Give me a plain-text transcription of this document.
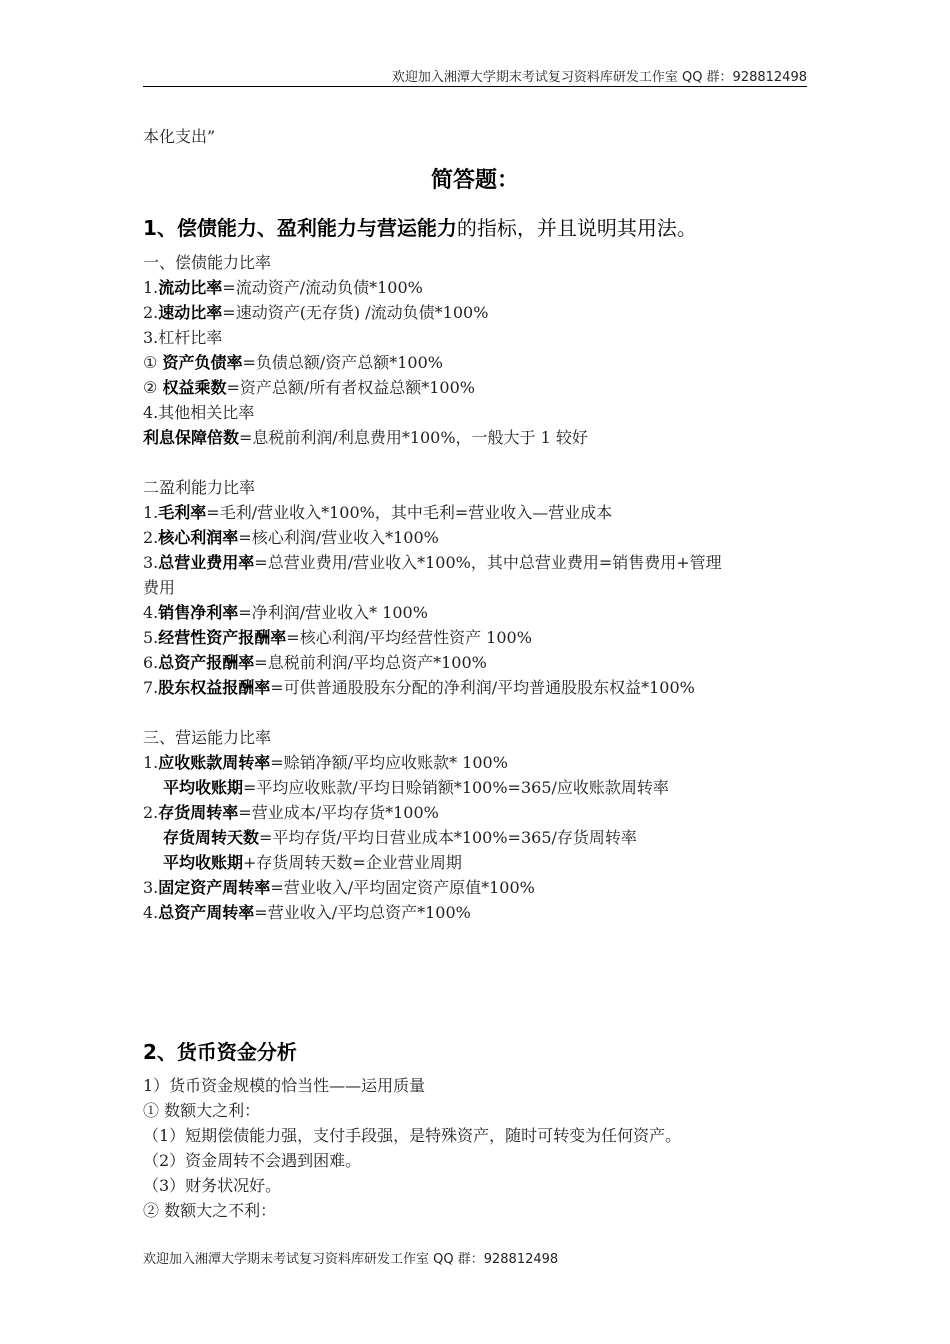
欢迎加入湘潭大学期末考试复习资料库研发工作室 QQ 群：928812498
本化支出”
简答题：
1、偿债能力、盈利能力与营运能力的指标，并且说明其用法。
一、偿债能力比率
1.流动比率=流动资产/流动负债*100%
2.速动比率=速动资产(无存货) /流动负债*100%
3.杠杆比率
① 资产负债率=负债总额/资产总额*100%
② 权益乘数=资产总额/所有者权益总额*100%
4.其他相关比率
利息保障倍数=息税前利润/利息费用*100%，一般大于 1 较好
二盈利能力比率
1.毛利率=毛利/营业收入*100%，其中毛利=营业收入—营业成本
2.核心利润率=核心利润/营业收入*100%
3.总营业费用率=总营业费用/营业收入*100%，其中总营业费用=销售费用+管理
费用
4.销售净利率=净利润/营业收入* 100%
5.经营性资产报酬率=核心利润/平均经营性资产 100%
6.总资产报酬率=息税前利润/平均总资产*100%
7.股东权益报酬率=可供普通股股东分配的净利润/平均普通股股东权益*100%
三、营运能力比率
1.应收账款周转率=赊销净额/平均应收账款* 100%
平均收账期=平均应收账款/平均日赊销额*100%=365/应收账款周转率
2.存货周转率=营业成本/平均存货*100%
存货周转天数=平均存货/平均日营业成本*100%=365/存货周转率
平均收账期+存货周转天数=企业营业周期
3.固定资产周转率=营业收入/平均固定资产原值*100%
4.总资产周转率=营业收入/平均总资产*100%
2、货币资金分析
1）货币资金规模的恰当性——运用质量
① 数额大之利：
（1）短期偿债能力强，支付手段强，是特殊资产，随时可转变为任何资产。
（2）资金周转不会遇到困难。
（3）财务状况好。
② 数额大之不利：
欢迎加入湘潭大学期末考试复习资料库研发工作室 QQ 群：928812498
